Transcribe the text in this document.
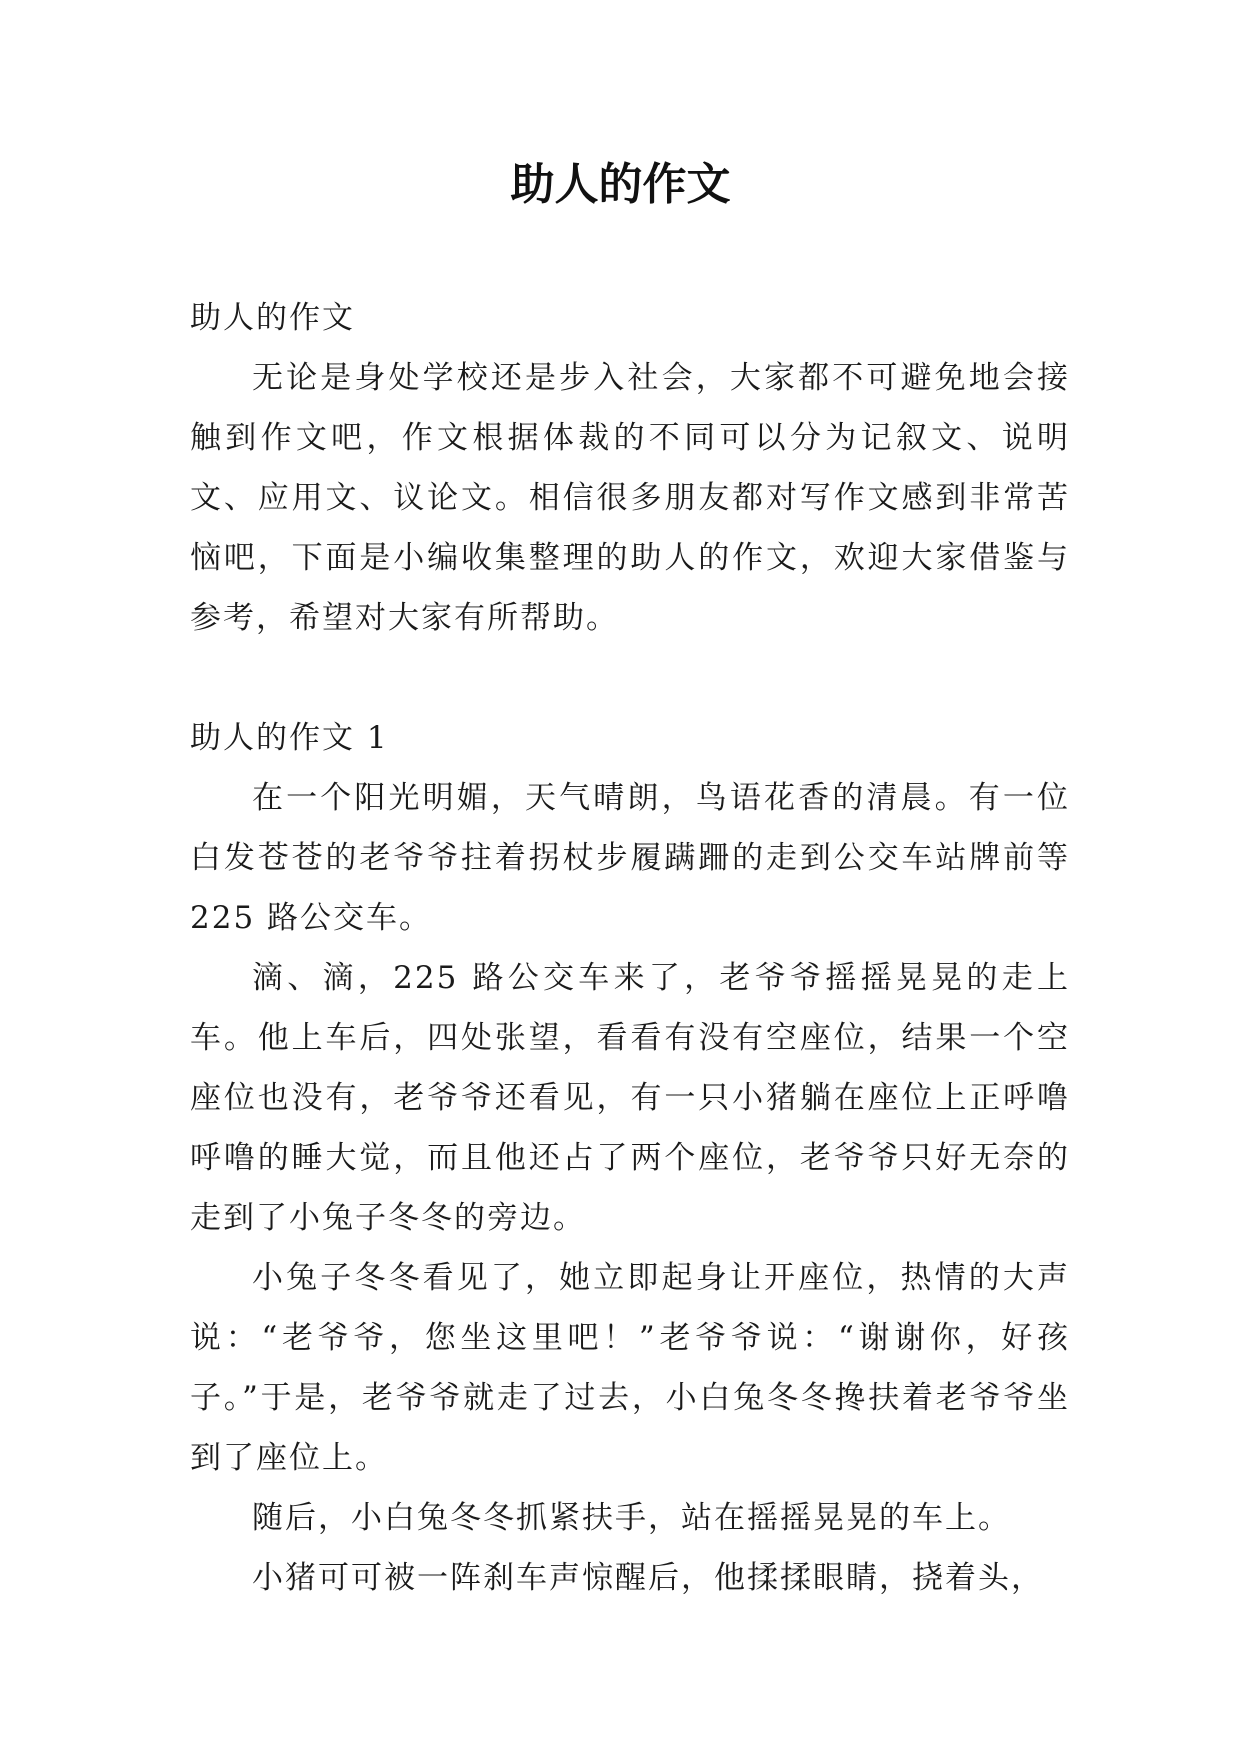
助人的作文

助人的作文

无论是身处学校还是步入社会，大家都不可避免地会接触到作文吧，作文根据体裁的不同可以分为记叙文、说明文、应用文、议论文。相信很多朋友都对写作文感到非常苦恼吧，下面是小编收集整理的助人的作文，欢迎大家借鉴与参考，希望对大家有所帮助。

助人的作文 1

在一个阳光明媚，天气晴朗，鸟语花香的清晨。有一位白发苍苍的老爷爷拄着拐杖步履蹒跚的走到公交车站牌前等 225 路公交车。

滴、滴，225 路公交车来了，老爷爷摇摇晃晃的走上车。他上车后，四处张望，看看有没有空座位，结果一个空座位也没有，老爷爷还看见，有一只小猪躺在座位上正呼噜呼噜的睡大觉，而且他还占了两个座位，老爷爷只好无奈的走到了小兔子冬冬的旁边。

小兔子冬冬看见了，她立即起身让开座位，热情的大声说：“老爷爷，您坐这里吧！”老爷爷说：“谢谢你，好孩子。”于是，老爷爷就走了过去，小白兔冬冬搀扶着老爷爷坐到了座位上。

随后，小白兔冬冬抓紧扶手，站在摇摇晃晃的车上。

小猪可可被一阵刹车声惊醒后，他揉揉眼睛，挠着头，
